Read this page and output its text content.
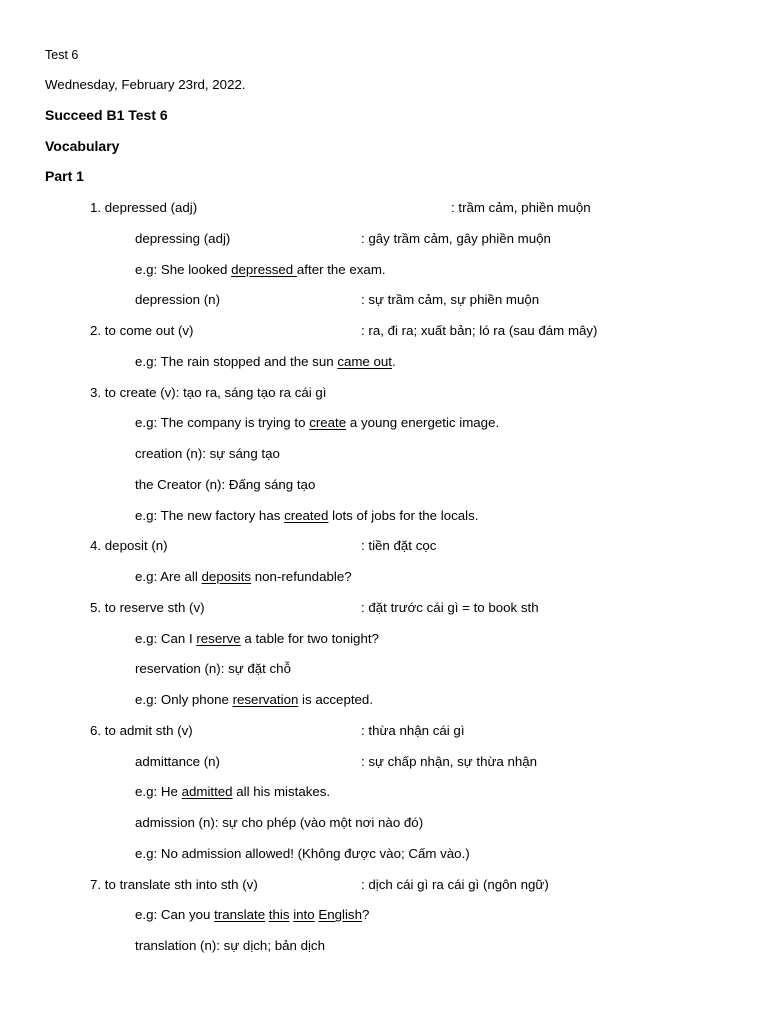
Test 6
Wednesday, February 23rd, 2022.
Succeed B1 Test 6
Vocabulary
Part 1
1. depressed (adj)	: trầm cảm, phiền muộn
depressing (adj)	: gây trầm cảm, gây phiền muộn
e.g: She looked depressed after the exam.
depression (n)	: sự trầm cảm, sự phiền muộn
2. to come out (v)	: ra, đi ra; xuất bản; ló ra (sau đám mây)
e.g: The rain stopped and the sun came out.
3. to create (v): tạo ra, sáng tạo ra cái gì
e.g: The company is trying to create a young energetic image.
creation (n): sự sáng tạo
the Creator (n): Đấng sáng tạo
e.g: The new factory has created lots of jobs for the locals.
4. deposit (n)	: tiền đặt cọc
e.g: Are all deposits non-refundable?
5. to reserve sth (v)	: đặt trước cái gì = to book sth
e.g: Can I reserve a table for two tonight?
reservation (n): sự đặt chỗ
e.g: Only phone reservation is accepted.
6. to admit sth (v)	: thừa nhận cái gì
admittance (n)	: sự chấp nhận, sự thừa nhận
e.g: He admitted all his mistakes.
admission (n): sự cho phép (vào một nơi nào đó)
e.g: No admission allowed! (Không được vào; Cấm vào.)
7. to translate sth into sth (v)	: dịch cái gì ra cái gì (ngôn ngữ)
e.g: Can you translate this into English?
translation (n): sự dịch; bản dịch
